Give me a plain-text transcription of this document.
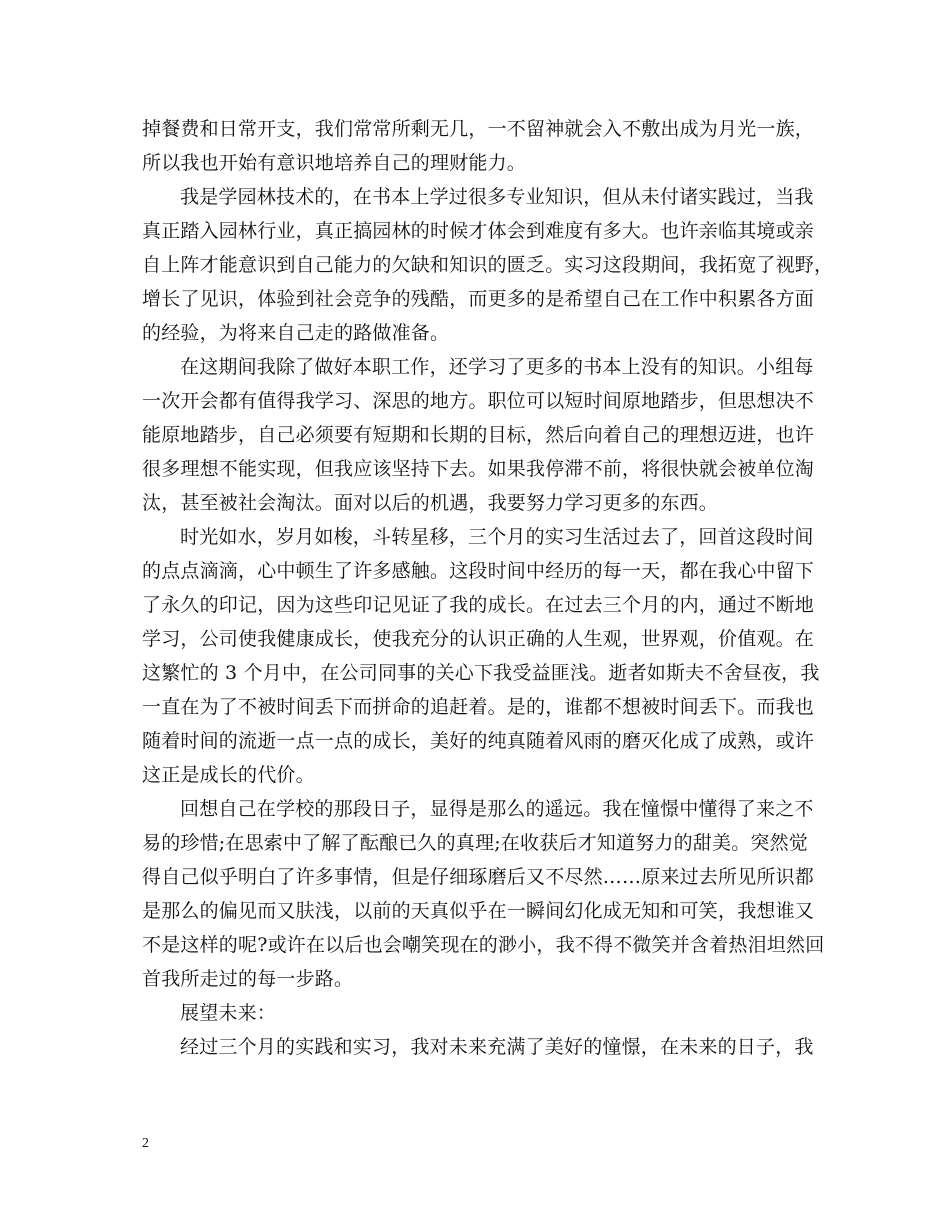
掉餐费和日常开支，我们常常所剩无几，一不留神就会入不敷出成为月光一族，
所以我也开始有意识地培养自己的理财能力。
我是学园林技术的，在书本上学过很多专业知识，但从未付诸实践过，当我
真正踏入园林行业，真正搞园林的时候才体会到难度有多大。也许亲临其境或亲
自上阵才能意识到自己能力的欠缺和知识的匮乏。实习这段期间，我拓宽了视野，
增长了见识，体验到社会竞争的残酷，而更多的是希望自己在工作中积累各方面
的经验，为将来自己走的路做准备。
在这期间我除了做好本职工作，还学习了更多的书本上没有的知识。小组每
一次开会都有值得我学习、深思的地方。职位可以短时间原地踏步，但思想决不
能原地踏步，自己必须要有短期和长期的目标，然后向着自己的理想迈进，也许
很多理想不能实现，但我应该坚持下去。如果我停滞不前，将很快就会被单位淘
汰，甚至被社会淘汰。面对以后的机遇，我要努力学习更多的东西。
时光如水，岁月如梭，斗转星移，三个月的实习生活过去了，回首这段时间
的点点滴滴，心中顿生了许多感触。这段时间中经历的每一天，都在我心中留下
了永久的印记，因为这些印记见证了我的成长。在过去三个月的内，通过不断地
学习，公司使我健康成长，使我充分的认识正确的人生观，世界观，价值观。在
这繁忙的 3 个月中，在公司同事的关心下我受益匪浅。逝者如斯夫不舍昼夜，我
一直在为了不被时间丢下而拼命的追赶着。是的，谁都不想被时间丢下。而我也
随着时间的流逝一点一点的成长，美好的纯真随着风雨的磨灭化成了成熟，或许
这正是成长的代价。
回想自己在学校的那段日子，显得是那么的遥远。我在憧憬中懂得了来之不
易的珍惜;在思索中了解了酝酿已久的真理;在收获后才知道努力的甜美。突然觉
得自己似乎明白了许多事情，但是仔细琢磨后又不尽然……原来过去所见所识都
是那么的偏见而又肤浅，以前的天真似乎在一瞬间幻化成无知和可笑，我想谁又
不是这样的呢?或许在以后也会嘲笑现在的渺小，我不得不微笑并含着热泪坦然回
首我所走过的每一步路。
展望未来：
经过三个月的实践和实习，我对未来充满了美好的憧憬，在未来的日子，我
2
